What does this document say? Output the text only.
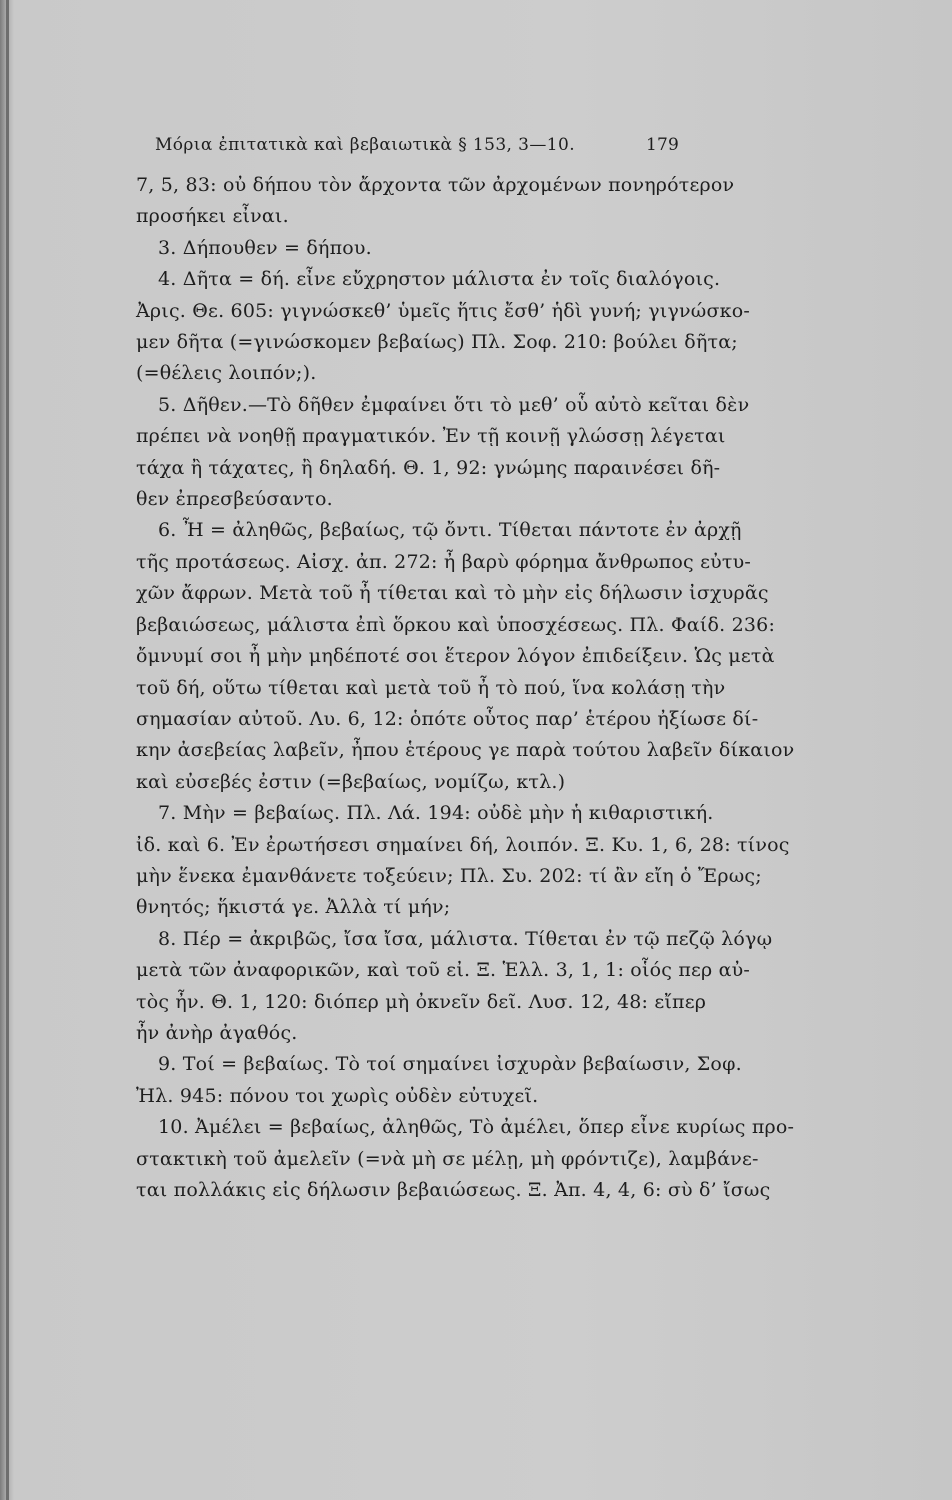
Μόρια ἐπιτατικὰ καὶ βεβαιωτικὰ § 153, 3—10.	179
7, 5, 83: οὐ δήπου τὸν ἄρχοντα τῶν ἀρχομένων πονηρότερον
προσήκει εἶναι.
3. Δήπουθεν = δήπου.
4. Δῆτα = δή. εἶνε εὔχρηστον μάλιστα ἐν τοῖς διαλόγοις.
Ἀρις. Θε. 605: γιγνώσκεθ’ ὑμεῖς ἥτις ἔσθ’ ἡδὶ γυνή; γιγνώσκο-
μεν δῆτα (=γινώσκομεν βεβαίως) Πλ. Σοφ. 210: βούλει δῆτα;
(=θέλεις λοιπόν;).
5. Δῆθεν.—Τὸ δῆθεν ἐμφαίνει ὅτι τὸ μεθ’ οὗ αὐτὸ κεῖται δὲν
πρέπει νὰ νοηθῇ πραγματικόν. Ἐν τῇ κοινῇ γλώσσῃ λέγεται
τάχα ἢ τάχατες, ἢ δηλαδή. Θ. 1, 92: γνώμης παραινέσει δῆ-
θεν ἐπρεσβεύσαντο.
6. Ἦ = ἀληθῶς, βεβαίως, τῷ ὄντι. Τίθεται πάντοτε ἐν ἀρχῇ
τῆς προτάσεως. Αἰσχ. ἀπ. 272: ἦ βαρὺ φόρημα ἄνθρωπος εὐτυ-
χῶν ἄφρων. Μετὰ τοῦ ἦ τίθεται καὶ τὸ μὴν εἰς δήλωσιν ἰσχυρᾶς
βεβαιώσεως, μάλιστα ἐπὶ ὅρκου καὶ ὑποσχέσεως. Πλ. Φαίδ. 236:
ὄμνυμί σοι ἦ μὴν μηδέποτέ σοι ἕτερον λόγον ἐπιδείξειν. Ὡς μετὰ
τοῦ δή, οὕτω τίθεται καὶ μετὰ τοῦ ἦ τὸ πού, ἵνα κολάσῃ τὴν
σημασίαν αὐτοῦ. Λυ. 6, 12: ὁπότε οὗτος παρ’ ἑτέρου ἠξίωσε δί-
κην ἀσεβείας λαβεῖν, ἦπου ἑτέρους γε παρὰ τούτου λαβεῖν δίκαιον
καὶ εὐσεβές ἐστιν (=βεβαίως, νομίζω, κτλ.)
7. Μὴν = βεβαίως. Πλ. Λά. 194: οὐδὲ μὴν ἡ κιθαριστική.
ἰδ. καὶ 6. Ἐν ἐρωτήσεσι σημαίνει δή, λοιπόν. Ξ. Κυ. 1, 6, 28: τίνος
μὴν ἕνεκα ἐμανθάνετε τοξεύειν; Πλ. Συ. 202: τί ἂν εἴη ὁ Ἔρως;
θνητός; ἥκιστά γε. Ἀλλὰ τί μήν;
8. Πέρ = ἀκριβῶς, ἴσα ἴσα, μάλιστα. Τίθεται ἐν τῷ πεζῷ λόγῳ
μετὰ τῶν ἀναφορικῶν, καὶ τοῦ εἰ. Ξ. Ἑλλ. 3, 1, 1: οἷός περ αὐ-
τὸς ἦν. Θ. 1, 120: διόπερ μὴ ὀκνεῖν δεῖ. Λυσ. 12, 48: εἴπερ
ἦν ἀνὴρ ἀγαθός.
9. Τοί = βεβαίως. Τὸ τοί σημαίνει ἰσχυρὰν βεβαίωσιν, Σοφ.
Ἠλ. 945: πόνου τοι χωρὶς οὐδὲν εὐτυχεῖ.
10. Ἀμέλει = βεβαίως, ἀληθῶς, Τὸ ἀμέλει, ὅπερ εἶνε κυρίως προ-
στακτικὴ τοῦ ἀμελεῖν (=νὰ μὴ σε μέλῃ, μὴ φρόντιζε), λαμβάνε-
ται πολλάκις εἰς δήλωσιν βεβαιώσεως. Ξ. Ἀπ. 4, 4, 6: σὺ δ’ ἴσως
